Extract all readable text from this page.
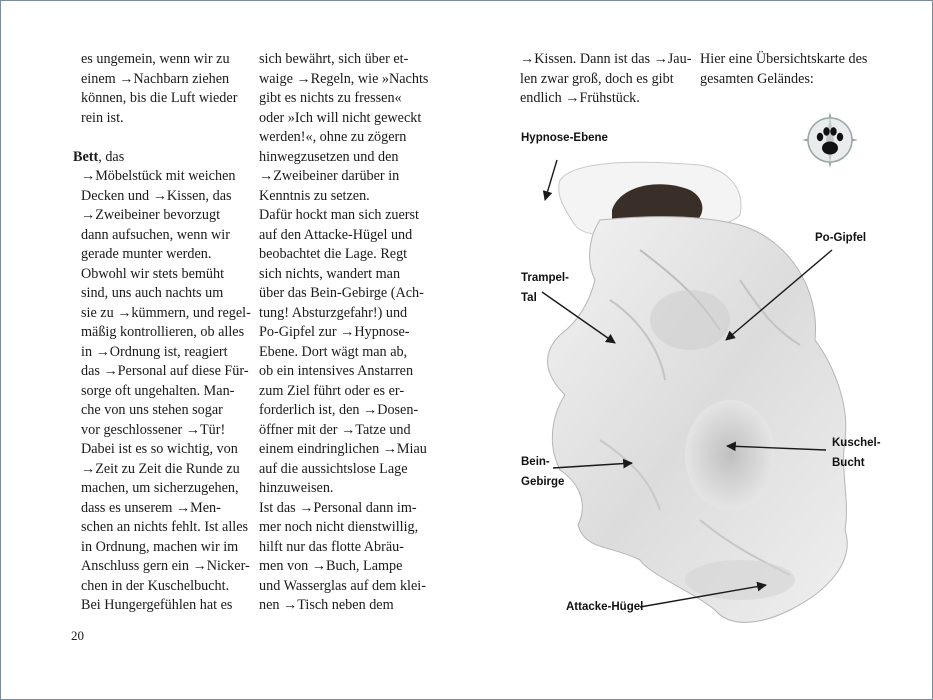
es ungemein, wenn wir zu
einem →Nachbarn ziehen
können, bis die Luft wieder
rein ist.
Bett, das
→Möbelstück mit weichen
Decken und →Kissen, das
→Zweibeiner bevorzugt
dann aufsuchen, wenn wir
gerade munter werden.
Obwohl wir stets bemüht
sind, uns auch nachts um
sie zu →kümmern, und regel-
mäßig kontrollieren, ob alles
in →Ordnung ist, reagiert
das →Personal auf diese Für-
sorge oft ungehalten. Man-
che von uns stehen sogar
vor geschlossener →Tür!
Dabei ist es so wichtig, von
→Zeit zu Zeit die Runde zu
machen, um sicherzugehen,
dass es unserem →Men-
schen an nichts fehlt. Ist alles
in Ordnung, machen wir im
Anschluss gern ein →Nicker-
chen in der Kuschelbucht.
Bei Hungergefühlen hat es
sich bewährt, sich über et-
waige →Regeln, wie »Nachts
gibt es nichts zu fressen«
oder »Ich will nicht geweckt
werden!«, ohne zu zögern
hinwegzusetzen und den
→Zweibeiner darüber in
Kenntnis zu setzen.
Dafür hockt man sich zuerst
auf den Attacke-Hügel und
beobachtet die Lage. Regt
sich nichts, wandert man
über das Bein-Gebirge (Ach-
tung! Absturzgefahr!) und
Po-Gipfel zur →Hypnose-
Ebene. Dort wägt man ab,
ob ein intensives Anstarren
zum Ziel führt oder es er-
forderlich ist, den →Dosen-
öffner mit der →Tatze und
einem eindringlichen →Miau
auf die aussichtslose Lage
hinzuweisen.
Ist das →Personal dann im-
mer noch nicht dienstwillig,
hilft nur das flotte Abräu-
men von →Buch, Lampe
und Wasserglas auf dem klei-
nen →Tisch neben dem
→Kissen. Dann ist das →Jau-
len zwar groß, doch es gibt
endlich →Frühstück.
Hier eine Übersichtskarte des
gesamten Geländes:
20
Hypnose-Ebene
Po-Gipfel
Trampel-
Tal
Kuschel-
Bucht
Bein-
Gebirge
Attacke-Hügel
